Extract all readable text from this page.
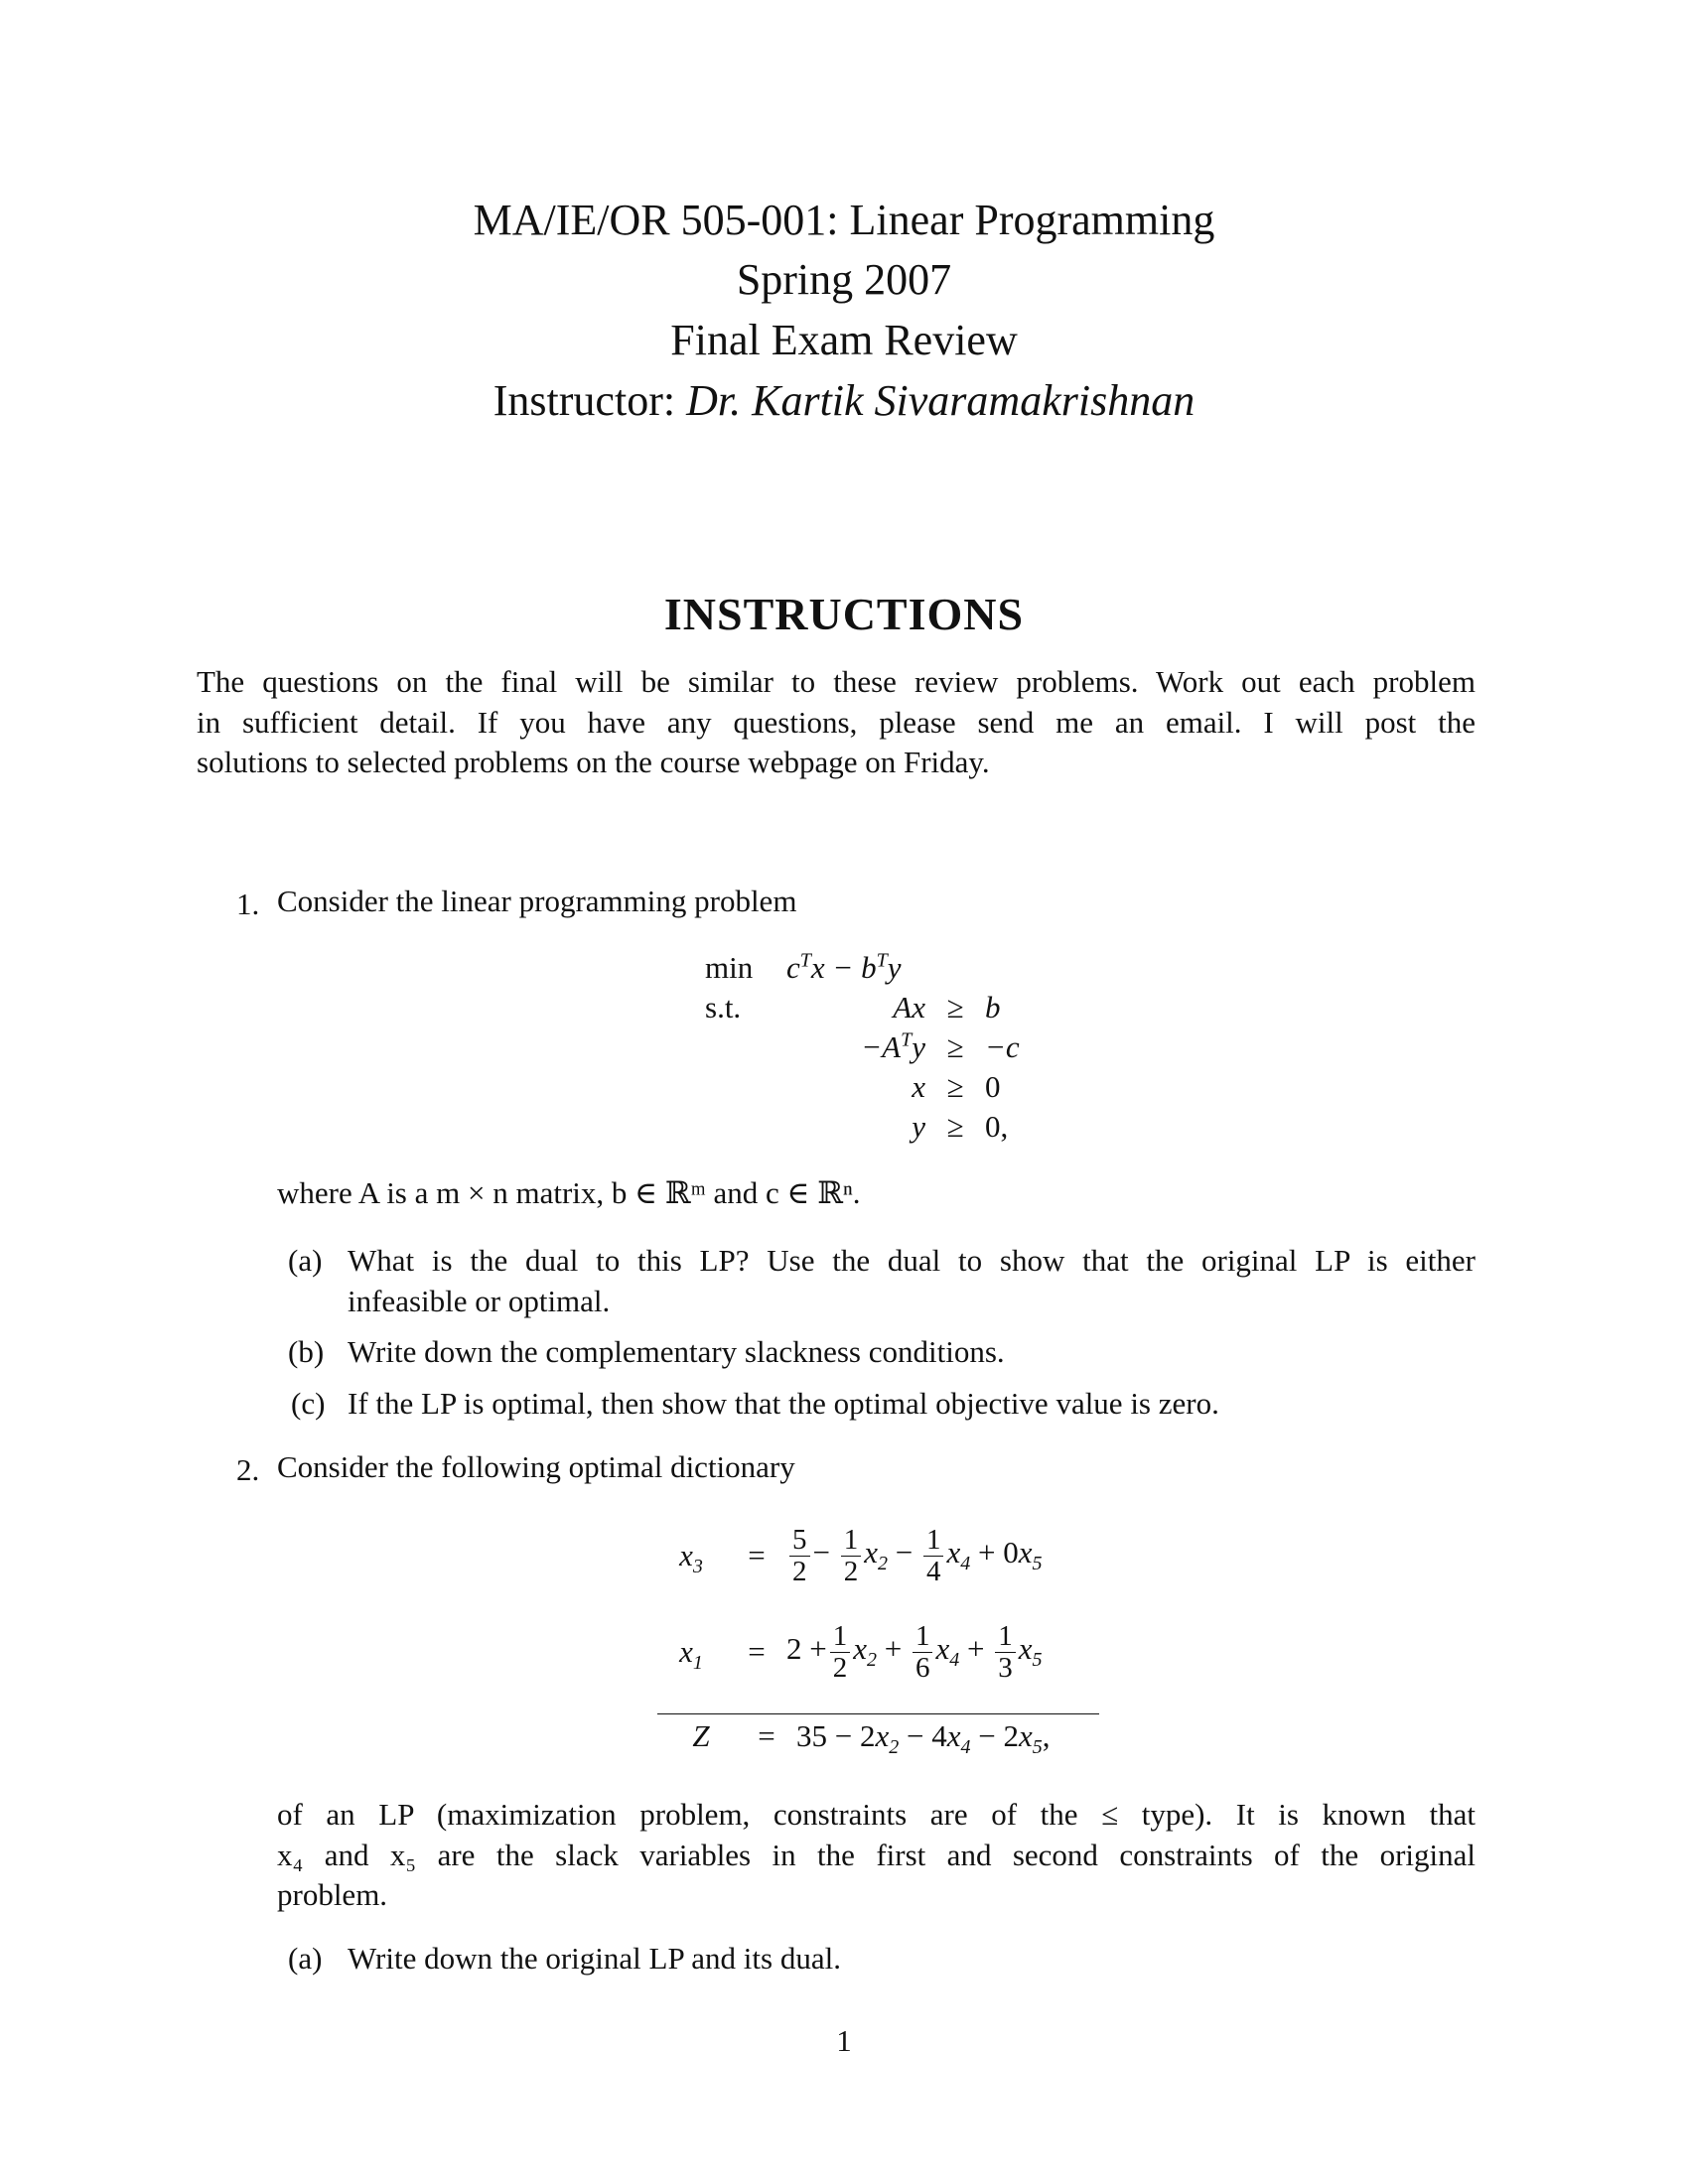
MA/IE/OR 505-001: Linear Programming
Spring 2007
Final Exam Review
Instructor: Dr. Kartik Sivaramakrishnan
INSTRUCTIONS
The questions on the final will be similar to these review problems. Work out each problem
in sufficient detail. If you have any questions, please send me an email. I will post the
solutions to selected problems on the course webpage on Friday.
1. Consider the linear programming problem
min	$c^Tx - b^Ty$		
s.t.	Ax	≥	b
	$-A^Ty$	≥	−c
	x	≥	0
	y	≥	0,
where A is a m × n matrix, b ∈ ℝᵐ and c ∈ ℝⁿ.
(a) What is the dual to this LP? Use the dual to show that the original LP is either
infeasible or optimal.
(b) Write down the complementary slackness conditions.
(c) If the LP is optimal, then show that the optimal objective value is zero.
2. Consider the following optimal dictionary
$x_3$	= $\frac{5}{2} - \frac{1}{2} x_2 - \frac{1}{4} x_4 + 0x_5$
$x_1$	= $2 + \frac{1}{2} x_2 + \frac{1}{6} x_4 + \frac{1}{3} x_5$
Z	= $35 - 2x_2 - 4x_4 - 2x_5$,
of an LP (maximization problem, constraints are of the ≤ type). It is known that
x₄ and x₅ are the slack variables in the first and second constraints of the original
problem.
(a) Write down the original LP and its dual.
1
